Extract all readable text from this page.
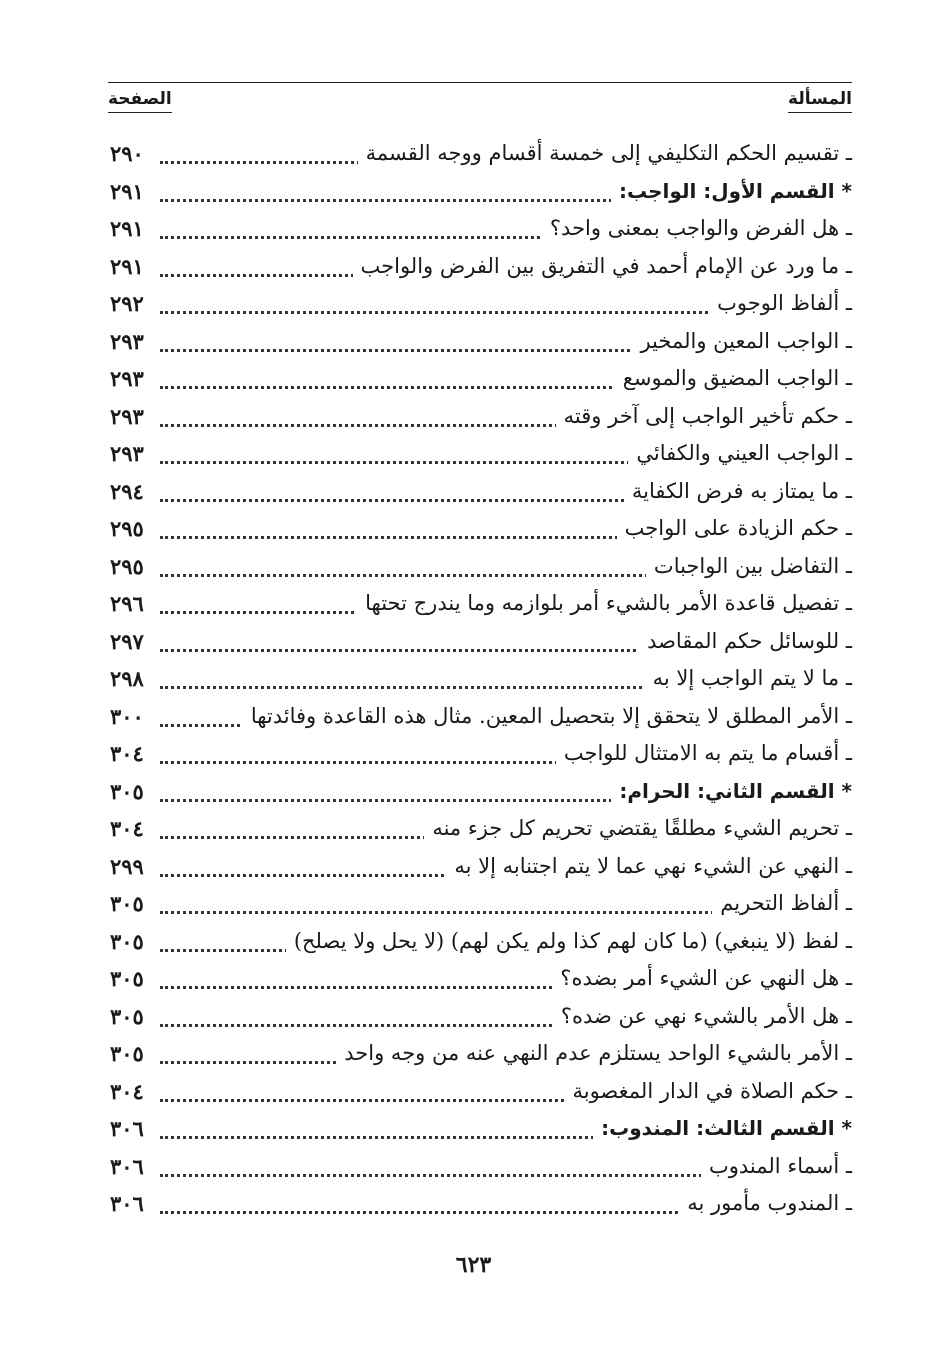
المسألة
الصفحة
ـ تقسيم الحكم التكليفي إلى خمسة أقسام ووجه القسمة
٢٩٠
* القسم الأول: الواجب:
٢٩١
ـ هل الفرض والواجب بمعنى واحد؟
٢٩١
ـ ما ورد عن الإمام أحمد في التفريق بين الفرض والواجب
٢٩١
ـ ألفاظ الوجوب
٢٩٢
ـ الواجب المعين والمخير
٢٩٣
ـ الواجب المضيق والموسع
٢٩٣
ـ حكم تأخير الواجب إلى آخر وقته
٢٩٣
ـ الواجب العيني والكفائي
٢٩٣
ـ ما يمتاز به فرض الكفاية
٢٩٤
ـ حكم الزيادة على الواجب
٢٩٥
ـ التفاضل بين الواجبات
٢٩٥
ـ تفصيل قاعدة الأمر بالشيء أمر بلوازمه وما يندرج تحتها
٢٩٦
ـ للوسائل حكم المقاصد
٢٩٧
ـ ما لا يتم الواجب إلا به
٢٩٨
ـ الأمر المطلق لا يتحقق إلا بتحصيل المعين. مثال هذه القاعدة وفائدتها
٣٠٠
ـ أقسام ما يتم به الامتثال للواجب
٣٠٤
* القسم الثاني: الحرام:
٣٠٥
ـ تحريم الشيء مطلقًا يقتضي تحريم كل جزء منه
٣٠٤
ـ النهي عن الشيء نهي عما لا يتم اجتنابه إلا به
٢٩٩
ـ ألفاظ التحريم
٣٠٥
ـ لفظ (لا ينبغي) (ما كان لهم كذا ولم يكن لهم) (لا يحل ولا يصلح)
٣٠٥
ـ هل النهي عن الشيء أمر بضده؟
٣٠٥
ـ هل الأمر بالشيء نهي عن ضده؟
٣٠٥
ـ الأمر بالشيء الواحد يستلزم عدم النهي عنه من وجه واحد
٣٠٥
ـ حكم الصلاة في الدار المغصوبة
٣٠٤
* القسم الثالث: المندوب:
٣٠٦
ـ أسماء المندوب
٣٠٦
ـ المندوب مأمور به
٣٠٦
٦٢٣
